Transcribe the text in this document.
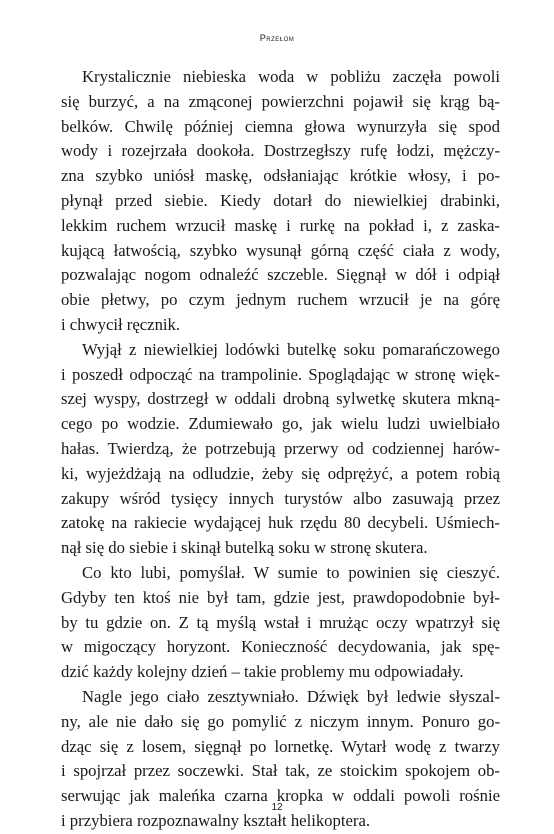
Przełom

Krystalicznie niebieska woda w pobliżu zaczęła powoli
się burzyć, a na zmąconej powierzchni pojawił się krąg bą-
belków. Chwilę później ciemna głowa wynurzyła się spod
wody i rozejrzała dookoła. Dostrzegłszy rufę łodzi, mężczy-
zna szybko uniósł maskę, odsłaniając krótkie włosy, i po-
płynął przed siebie. Kiedy dotarł do niewielkiej drabinki,
lekkim ruchem wrzucił maskę i rurkę na pokład i, z zaska-
kującą łatwością, szybko wysunął górną część ciała z wody,
pozwalając nogom odnaleźć szczeble. Sięgnął w dół i odpiął
obie płetwy, po czym jednym ruchem wrzucił je na górę
i chwycił ręcznik.

Wyjął z niewielkiej lodówki butelkę soku pomarańczowego
i poszedł odpocząć na trampolinie. Spoglądając w stronę więk-
szej wyspy, dostrzegł w oddali drobną sylwetkę skutera mkną-
cego po wodzie. Zdumiewało go, jak wielu ludzi uwielbiało
hałas. Twierdzą, że potrzebują przerwy od codziennej harów-
ki, wyjeżdżają na odludzie, żeby się odprężyć, a potem robią
zakupy wśród tysięcy innych turystów albo zasuwają przez
zatokę na rakiecie wydającej huk rzędu 80 decybeli. Uśmiech-
nął się do siebie i skinął butelką soku w stronę skutera.

Co kto lubi, pomyślał. W sumie to powinien się cieszyć.
Gdyby ten ktoś nie był tam, gdzie jest, prawdopodobnie był-
by tu gdzie on. Z tą myślą wstał i mrużąc oczy wpatrzył się
w migoczący horyzont. Konieczność decydowania, jak spę-
dzić każdy kolejny dzień – takie problemy mu odpowiadały.

Nagle jego ciało zesztywniało. Dźwięk był ledwie słyszal-
ny, ale nie dało się go pomylić z niczym innym. Ponuro go-
dząc się z losem, sięgnął po lornetkę. Wytarł wodę z twarzy
i spojrzał przez soczewki. Stał tak, ze stoickim spokojem ob-
serwując jak maleńka czarna kropka w oddali powoli rośnie
i przybiera rozpoznawalny kształt helikoptera.

12
